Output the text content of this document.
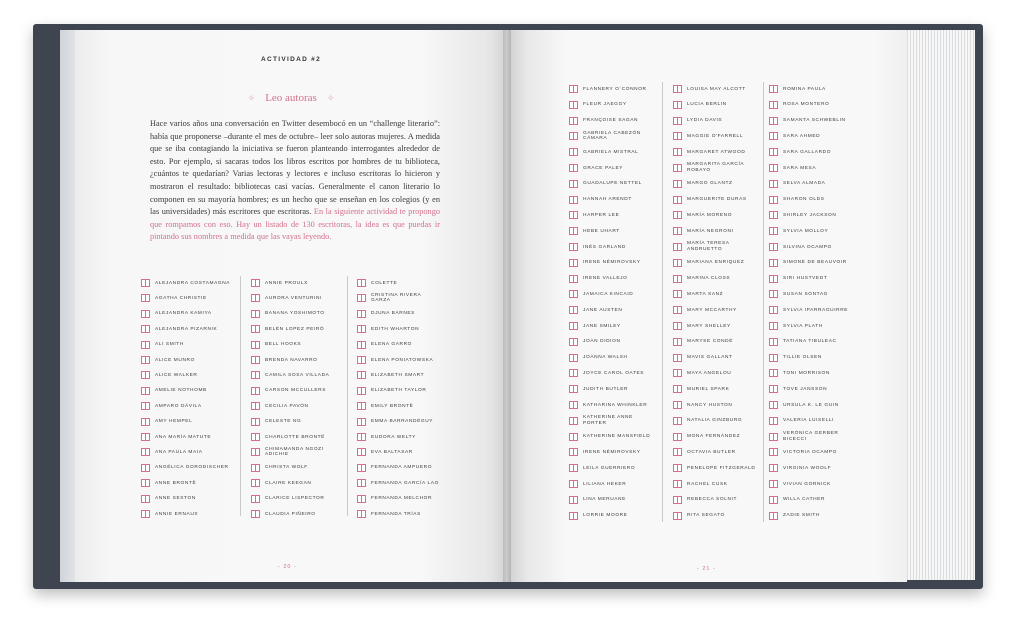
ACTIVIDAD #2
✧ Leo autoras ✧
Hace varios años una conversación en Twitter desembocó en un “challenge literario”: había que proponerse –durante el mes de octubre– leer solo autoras mujeres. A medida que se iba contagiando la iniciativa se fueron planteando interrogantes alrededor de esto. Por ejemplo, si sacaras todos los libros escritos por hombres de tu biblioteca, ¿cuántos te quedarían? Varias lectoras y lectores e incluso escritoras lo hicieron y mostraron el resultado: bibliotecas casi vacías. Generalmente el canon literario lo componen en su mayoría hombres; es un hecho que se enseñan en los colegios (y en las universidades) más escritores que escritoras. En la siguiente actividad te propongo que rompamos con eso. Hay un listado de 130 escritoras, la idea es que puedas ir pintando sus nombres a medida que las vayas leyendo.
ALEJANDRA COSTAMAGNA
AGATHA CHRISTIE
ALEJANDRA KAMIYA
ALEJANDRA PIZARNIK
ALI SMITH
ALICE MUNRO
ALICE WALKER
AMELIE NOTHOMB
AMPARO DÁVILA
AMY HEMPEL
ANA MARÍA MATUTE
ANA PAULA MAIA
ANGÉLICA GORODISCHER
ANNE BRONTË
ANNE SEXTON
ANNIE ERNAUX
ANNIE PROULX
AURORA VENTURINI
BANANA YOSHIMOTO
BELÉN LOPEZ PEIRÓ
BELL HOOKS
BRENDA NAVARRO
CAMILA SOSA VILLADA
CARSON MCCULLERS
CECILIA PAVÓN
CELESTE NG
CHARLOTTE BRONTË
CHIMAMANDA NGOZI ADICHIE
CHRISTA WOLF
CLAIRE KEEGAN
CLARICE LISPECTOR
CLAUDIA PIÑEIRO
COLETTE
CRISTINA RIVERA GARZA
DJUNA BARNES
EDITH WHARTON
ELENA GARRO
ELENA PONIATOWSKA
ELIZABETH SMART
ELIZABETH TAYLOR
EMILY BRONTË
EMMA BARRANDÉGUY
EUDORA WELTY
EVA BALTASAR
FERNANDA AMPUERO
FERNANDA GARCÍA LAO
FERNANDA MELCHOR
FERNANDA TRÍAS
- 20 -
FLANNERY O´CONNOR
FLEUR JAEGGY
FRANÇOISE SAGAN
GABRIELA CABEZÓN CÁMARA
GABRIELA MISTRAL
GRACE PALEY
GUADALUPE NETTEL
HANNAH ARENDT
HARPER LEE
HEBE UHART
INÉS GARLAND
IRENE NÉMIROVSKY
IRENE VALLEJO
JAMAICA KINCAID
JANE AUSTEN
JANE SMILEY
JOAN DIDION
JOANNA WALSH
JOYCE CAROL OATES
JUDITH BUTLER
KATHARINA WHINKLER
KATHERINE ANNE PORTER
KATHERINE MANSFIELD
IRENE NÉMIROVSKY
LEILA GUERRIERO
LILIANA HEKER
LINA MERUANE
LORRIE MOORE
LOUISA MAY ALCOTT
LUCIA BERLIN
LYDIA DAVIS
MAGGIE O'FARRELL
MARGARET ATWOOD
MARGARITA GARCÍA ROBAYO
MARGO GLANTZ
MARGUERITE DURAS
MARÍA MORENO
MARÍA NEGRONI
MARÍA TERESA ANDRUETTO
MARIANA ENRIQUEZ
MARINA CLOSS
MARTA SANZ
MARY MCCARTHY
MARY SHELLEY
MARYSE CONDÉ
MAVIS GALLANT
MAYA ANGELOU
MURIEL SPARK
NANCY HUSTON
NATALIA GINZBURG
MONA FERNÁNDEZ
OCTAVIA BUTLER
PENELOPE FITZGERALD
RACHEL CUSK
REBECCA SOLNIT
RITA SEGATO
ROMINA PAULA
ROSA MONTERO
SAMANTA SCHWEBLIN
SARA AHMED
SARA GALLARDO
SARA MESA
SELVA ALMADA
SHARON OLDS
SHIRLEY JACKSON
SYLVIA MOLLOY
SILVINA OCAMPO
SIMONE DE BEAUVOIR
SIRI HUSTVEDT
SUSAN SONTAG
SYLVIA IPARRAGUIRRE
SYLVIA PLATH
TATIANA TIBULEAC
TILLIE OLSEN
TONI MORRISON
TOVE JANSSON
URSULA K. LE GUIN
VALERIA LUISELLI
VERÓNICA GERBER BICECCI
VICTORIA OCAMPO
VIRGINIA WOOLF
VIVIAN GORNICK
WILLA CATHER
ZADIE SMITH
- 21 -
